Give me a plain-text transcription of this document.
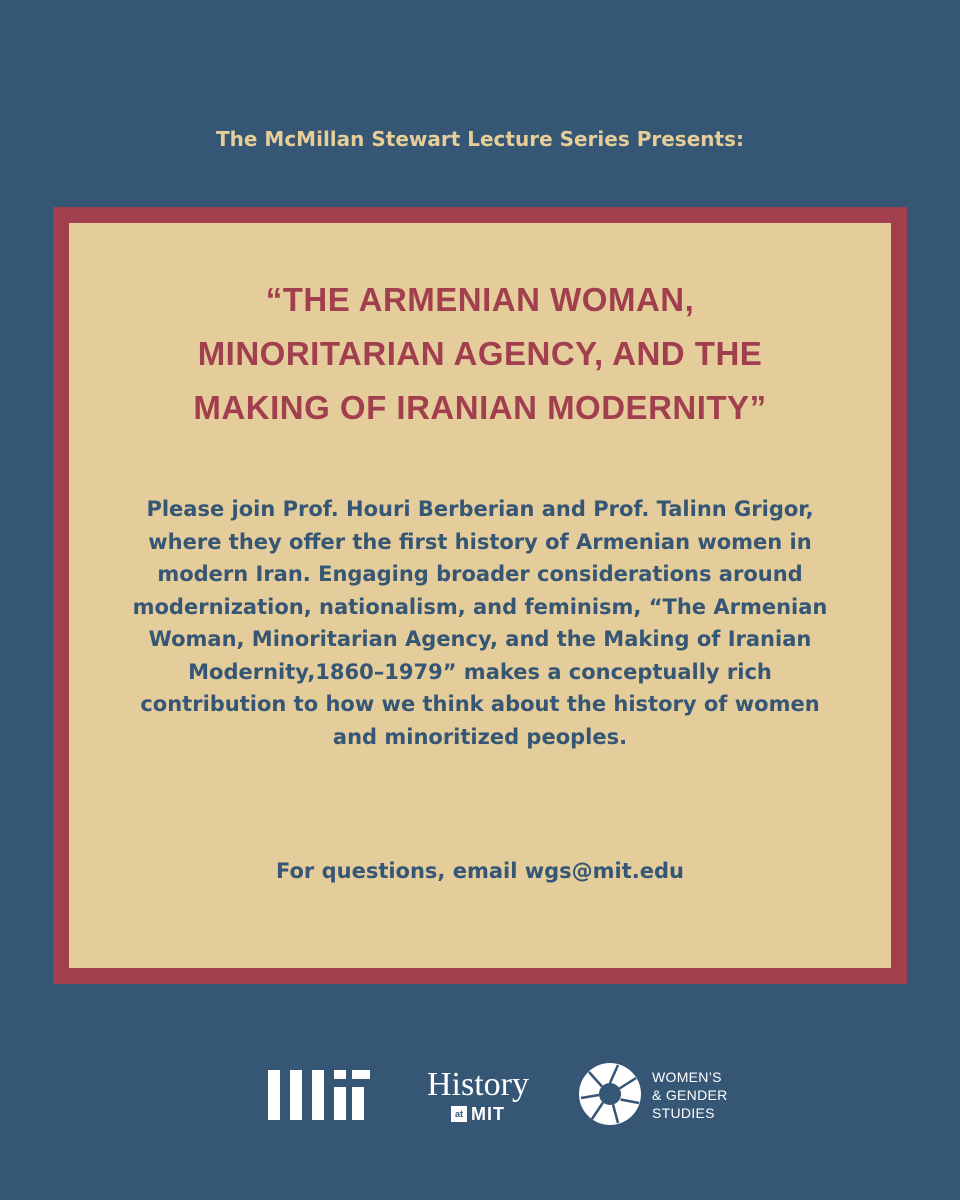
The McMillan Stewart Lecture Series Presents:
“THE ARMENIAN WOMAN,
MINORITARIAN AGENCY, AND THE
MAKING OF IRANIAN MODERNITY”
Please join Prof. Houri Berberian and Prof. Talinn Grigor,
where they offer the first history of Armenian women in
modern Iran. Engaging broader considerations around
modernization, nationalism, and feminism, “The Armenian
Woman, Minoritarian Agency, and the Making of Iranian
Modernity,1860–1979” makes a conceptually rich
contribution to how we think about the history of women
and minoritized peoples.
For questions, email wgs@mit.edu
History
at MIT
WOMEN’S
& GENDER
STUDIES
